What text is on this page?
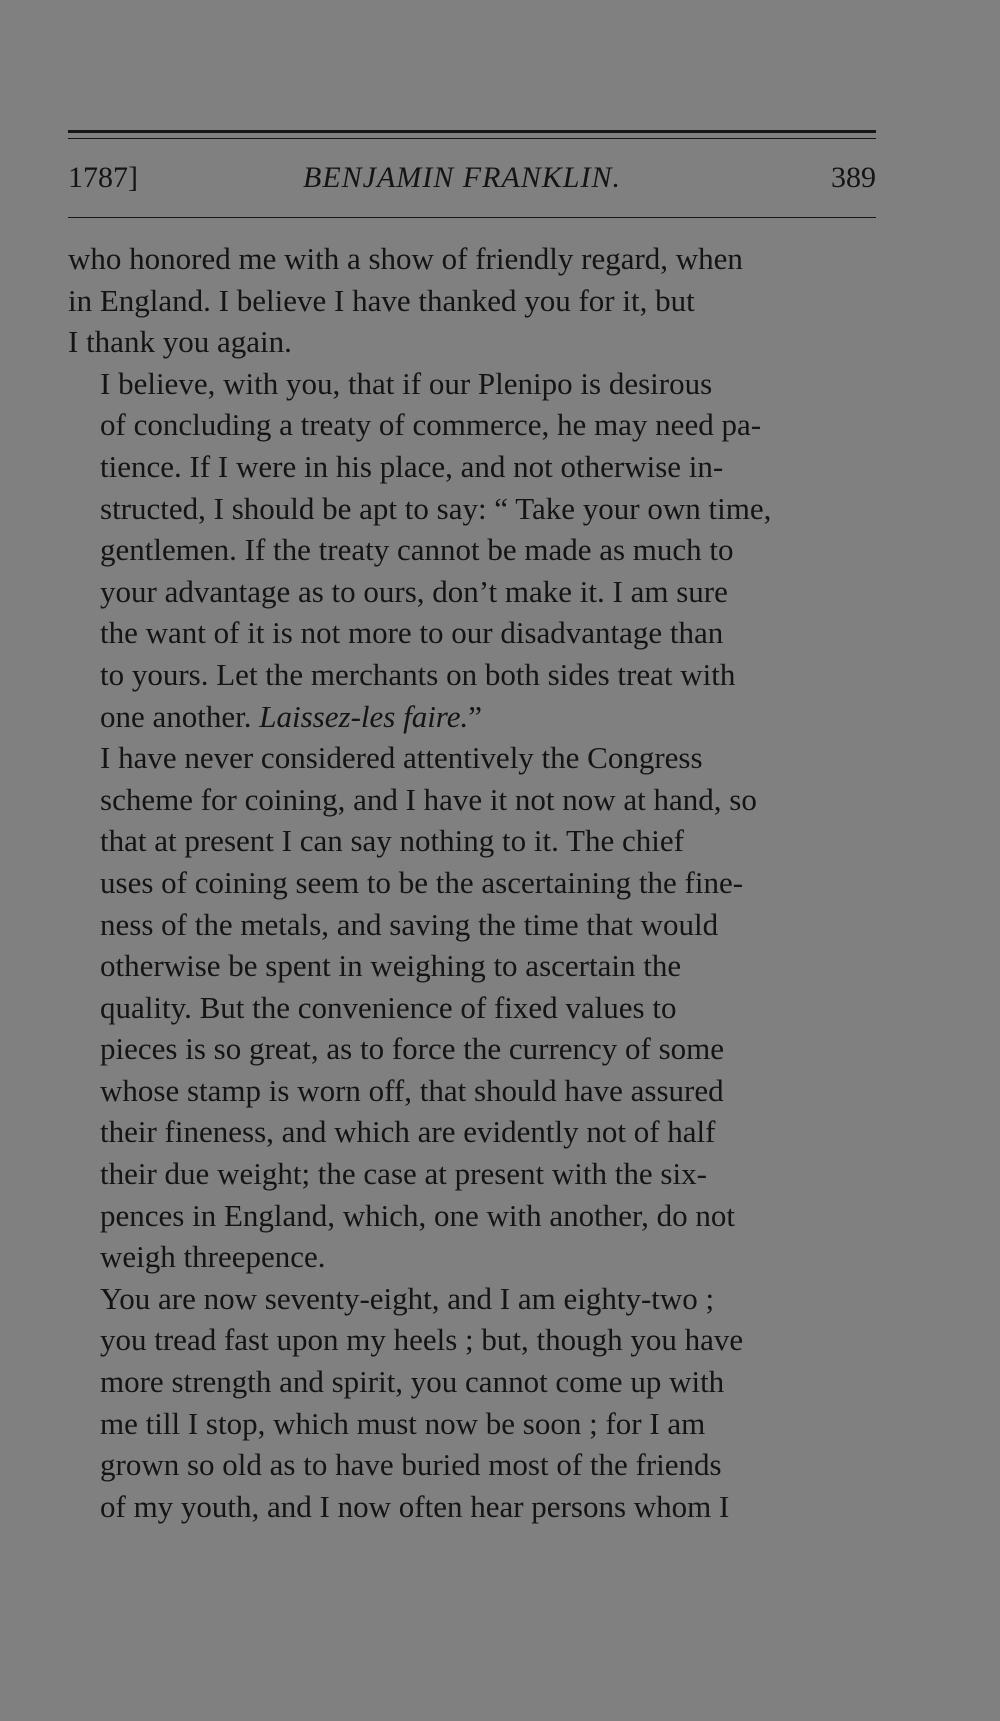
1787]	BENJAMIN FRANKLIN.	389

who honored me with a show of friendly regard, when
in England. I believe I have thanked you for it, but
I thank you again.

I believe, with you, that if our Plenipo is desirous
of concluding a treaty of commerce, he may need pa-
tience. If I were in his place, and not otherwise in-
structed, I should be apt to say: “ Take your own time,
gentlemen. If the treaty cannot be made as much to
your advantage as to ours, don’t make it. I am sure
the want of it is not more to our disadvantage than
to yours. Let the merchants on both sides treat with
one another. Laissez-les faire.”

I have never considered attentively the Congress
scheme for coining, and I have it not now at hand, so
that at present I can say nothing to it. The chief
uses of coining seem to be the ascertaining the fine-
ness of the metals, and saving the time that would
otherwise be spent in weighing to ascertain the
quality. But the convenience of fixed values to
pieces is so great, as to force the currency of some
whose stamp is worn off, that should have assured
their fineness, and which are evidently not of half
their due weight; the case at present with the six-
pences in England, which, one with another, do not
weigh threepence.

You are now seventy-eight, and I am eighty-two ;
you tread fast upon my heels ; but, though you have
more strength and spirit, you cannot come up with
me till I stop, which must now be soon ; for I am
grown so old as to have buried most of the friends
of my youth, and I now often hear persons whom I
